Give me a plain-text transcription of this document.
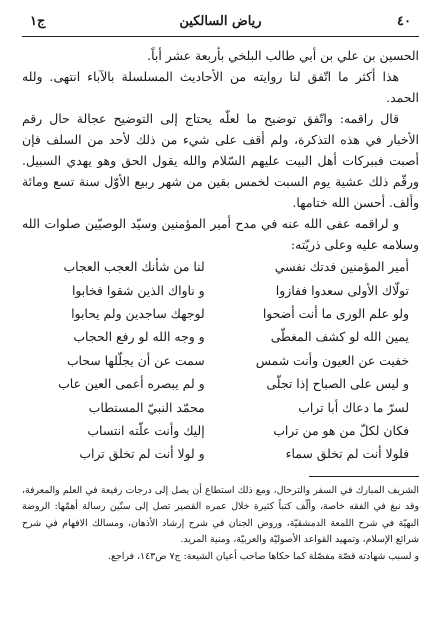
٤٠
رياض السالكين
ج١

الحسين بن علي بن أبي طالب البلخي بأربعة عشر أباً.

هذا أكثر ما اتّفق لنا روايته من الأحاديث المسلسلة بالآباء انتهى. ولله الحمد.

قال راقمه: واتّفق توضيح ما لعلّه يحتاج إلى التوضيح عجالة حال رقم الأخبار في هذه التذكرة، ولم أقف على شيء من ذلك لأحد من السلف فإن أصبت فببركات أهل البيت عليهم السّلام والله يقول الحق وهو يهدي السبيل. ورقّم ذلك عشية يوم السبت لخمس بقين من شهر ربيع الأوّل سنة تسع ومائة وألف. أحسن الله ختامها.

و لراقمه عفى الله عنه في مدح أمير المؤمنين وسيّد الوصيّين صلوات الله وسلامه عليه وعلى ذريّته:

أمير المؤمنين فدتك نفسي		لنا من شأنك العجب العجاب
تولّاك الأولى سعدوا ففازوا		و ناواك الذين شقوا فخابوا
ولو علم الورى ما أنت أضحوا		لوجهك ساجدين ولم يحابوا
يمين الله لو كشف المغطّى		و وجه الله لو رفع الحجاب
خفيت عن العيون وأنت شمس		سمت عن أن يجلّلها سحاب
و ليس على الصباح إذا تجلّى		و لم يبصره أعمى العين عاب
لسرّ ما دعاك أبا تراب		محمّد النبيّ المستطاب
فكان لكلّ من هو من تراب		إليك وأنت علّته انتساب
فلولا أنت لم تخلق سماء		و لولا أنت لم تخلق تراب

الشريف المبارك في السفر والترحال، ومع ذلك استطاع أن يصل إلى درجات رفيعة في العلم والمعرفة، وقد نبغ في الفقه خاصة، وألّف كتباً كثيرة خلال عمره القصير تصل إلى ستّين رسالة أهمّها: الروضة البهيّة في شرح اللمعة الدمشقيّة، وروض الجنان في شرح إرشاد الأذهان، ومسالك الافهام في شرح شرائع الإسلام، وتمهيد القواعد الأصوليّة والعربيّة، ومنية المريد.

و لسبب شهادته قصّة مفصّلة كما حكاها صاحب أعيان الشيعة: ج٧ ص١٤٣، فراجع.
